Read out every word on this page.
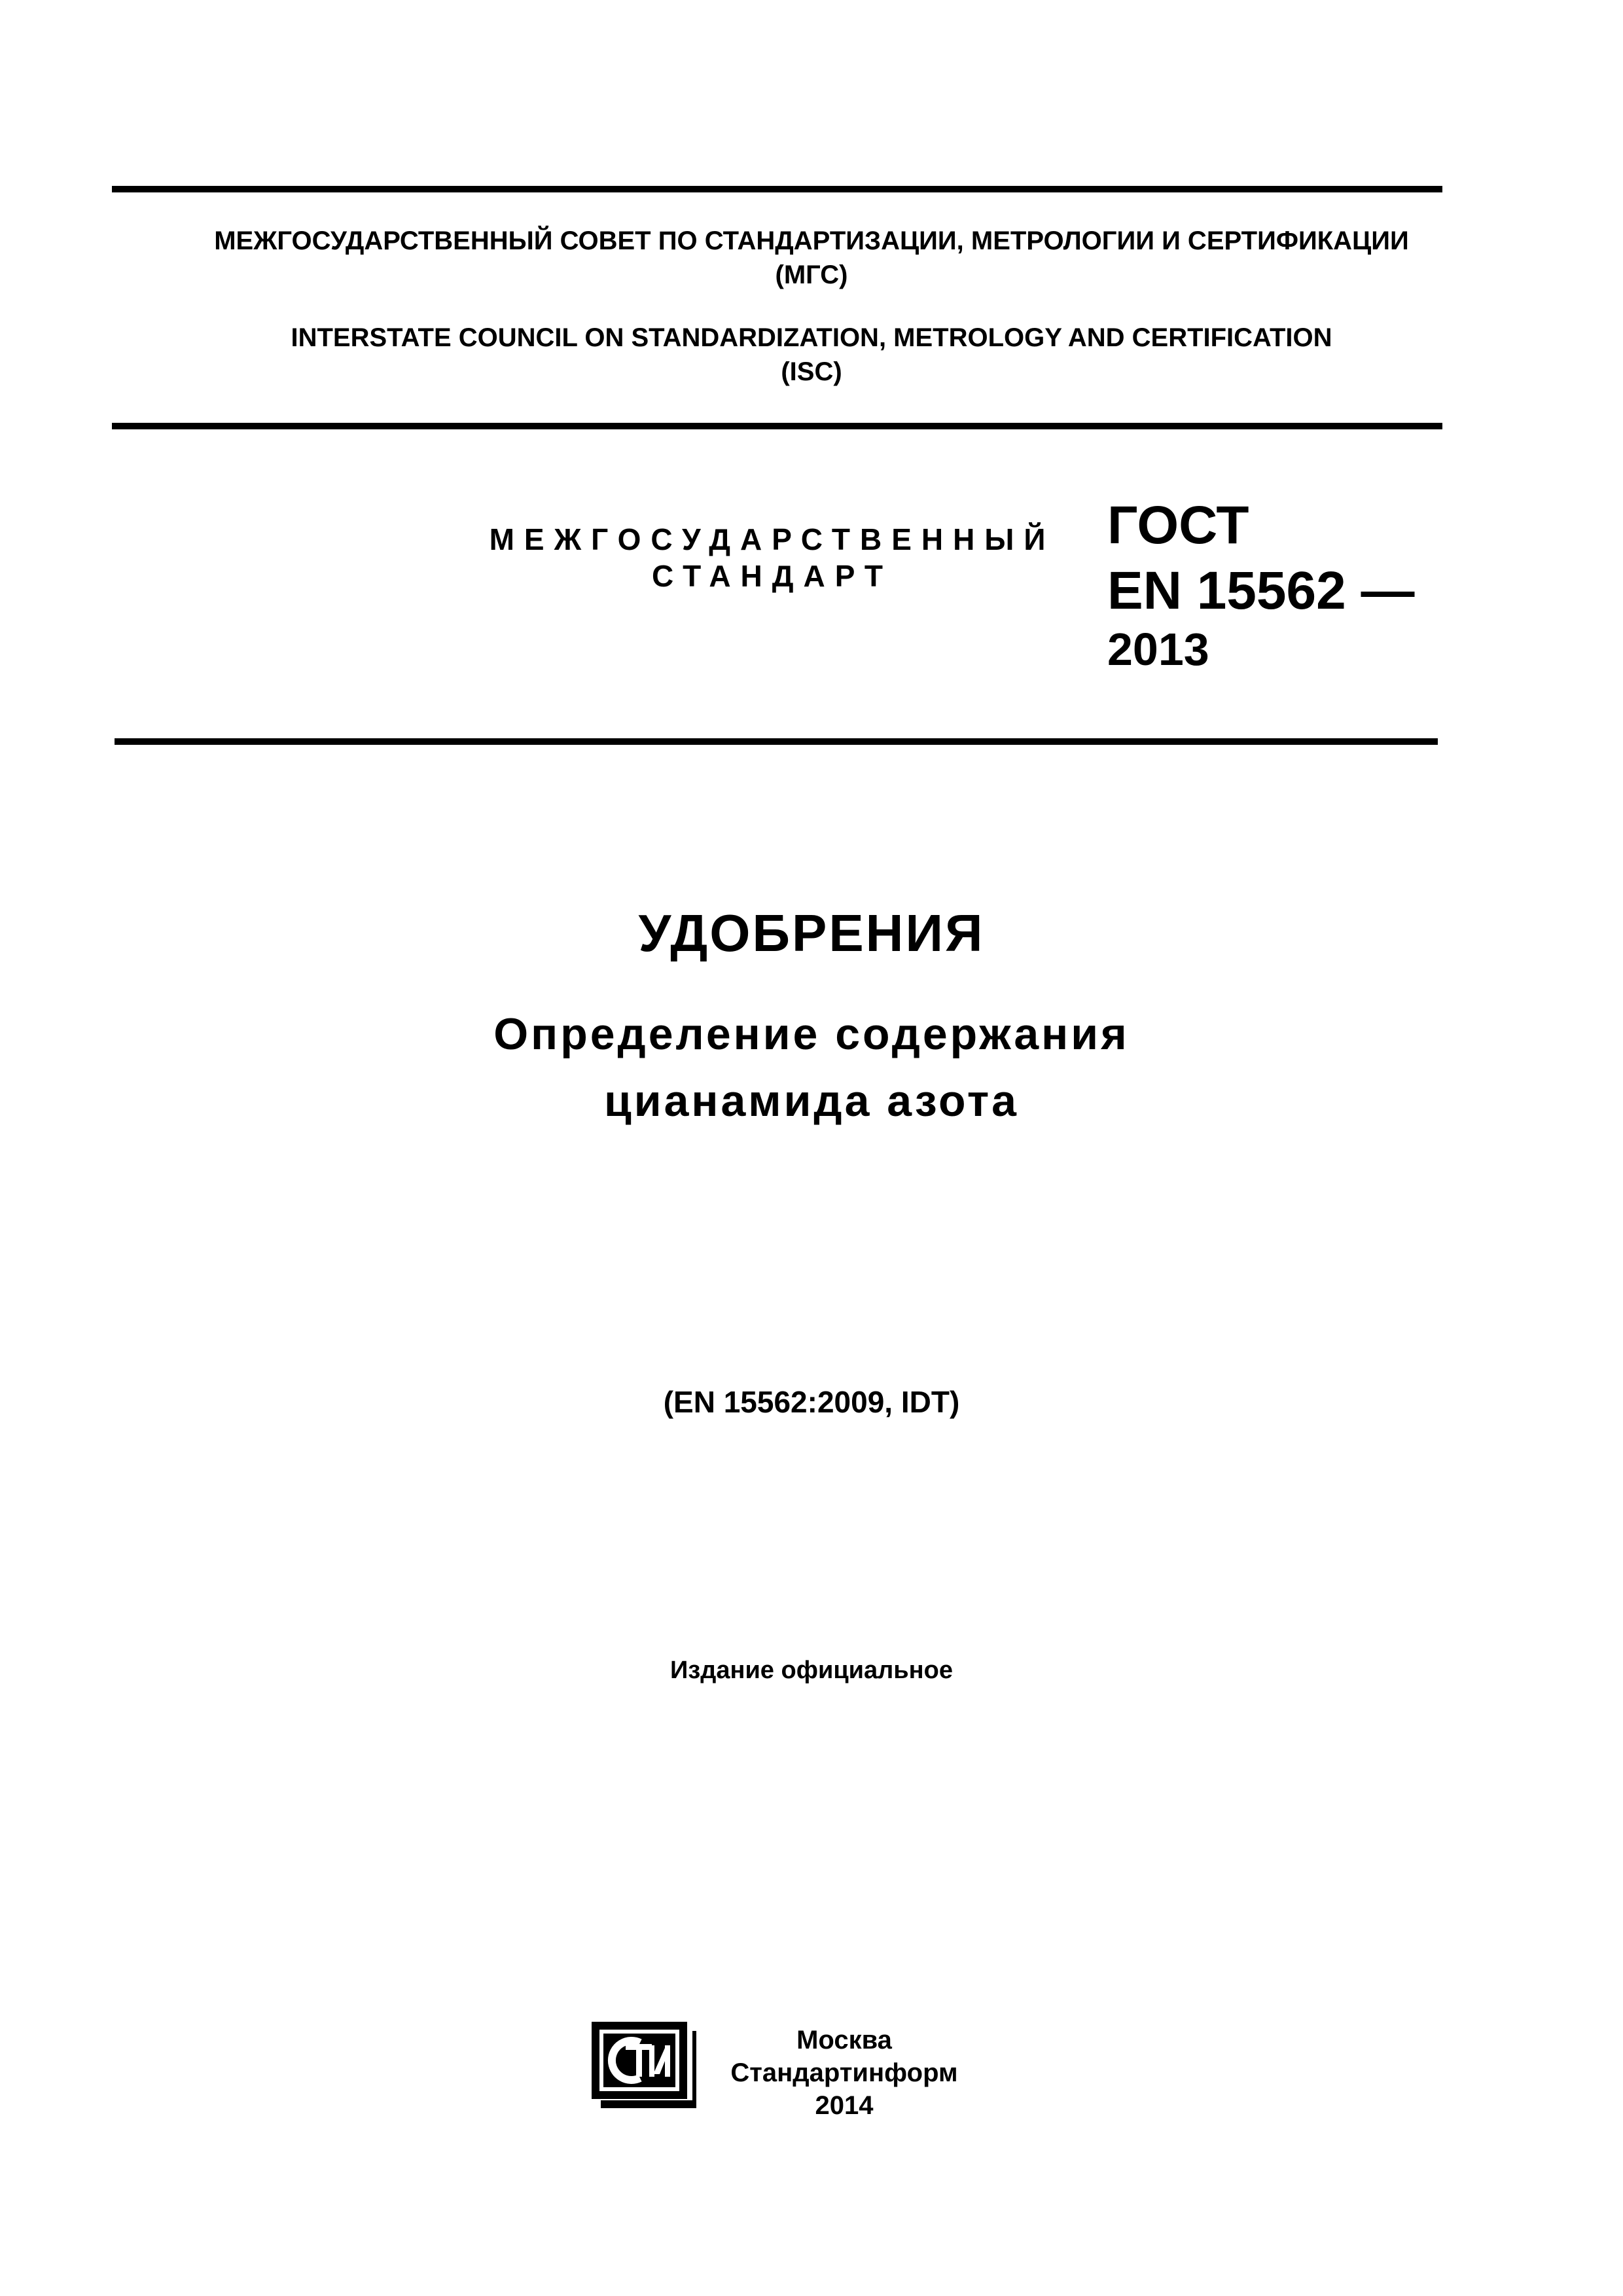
МЕЖГОСУДАРСТВЕННЫЙ СОВЕТ ПО СТАНДАРТИЗАЦИИ, МЕТРОЛОГИИ И СЕРТИФИКАЦИИ
(МГС)
INTERSTATE COUNCIL ON STANDARDIZATION, METROLOGY AND CERTIFICATION
(ISC)
МЕЖГОСУДАРСТВЕННЫЙ
СТАНДАРТ
ГОСТ
EN 15562 —
2013
УДОБРЕНИЯ
Определение содержания
цианамида азота
(EN 15562:2009, IDT)
Издание официальное
Москва
Стандартинформ
2014
